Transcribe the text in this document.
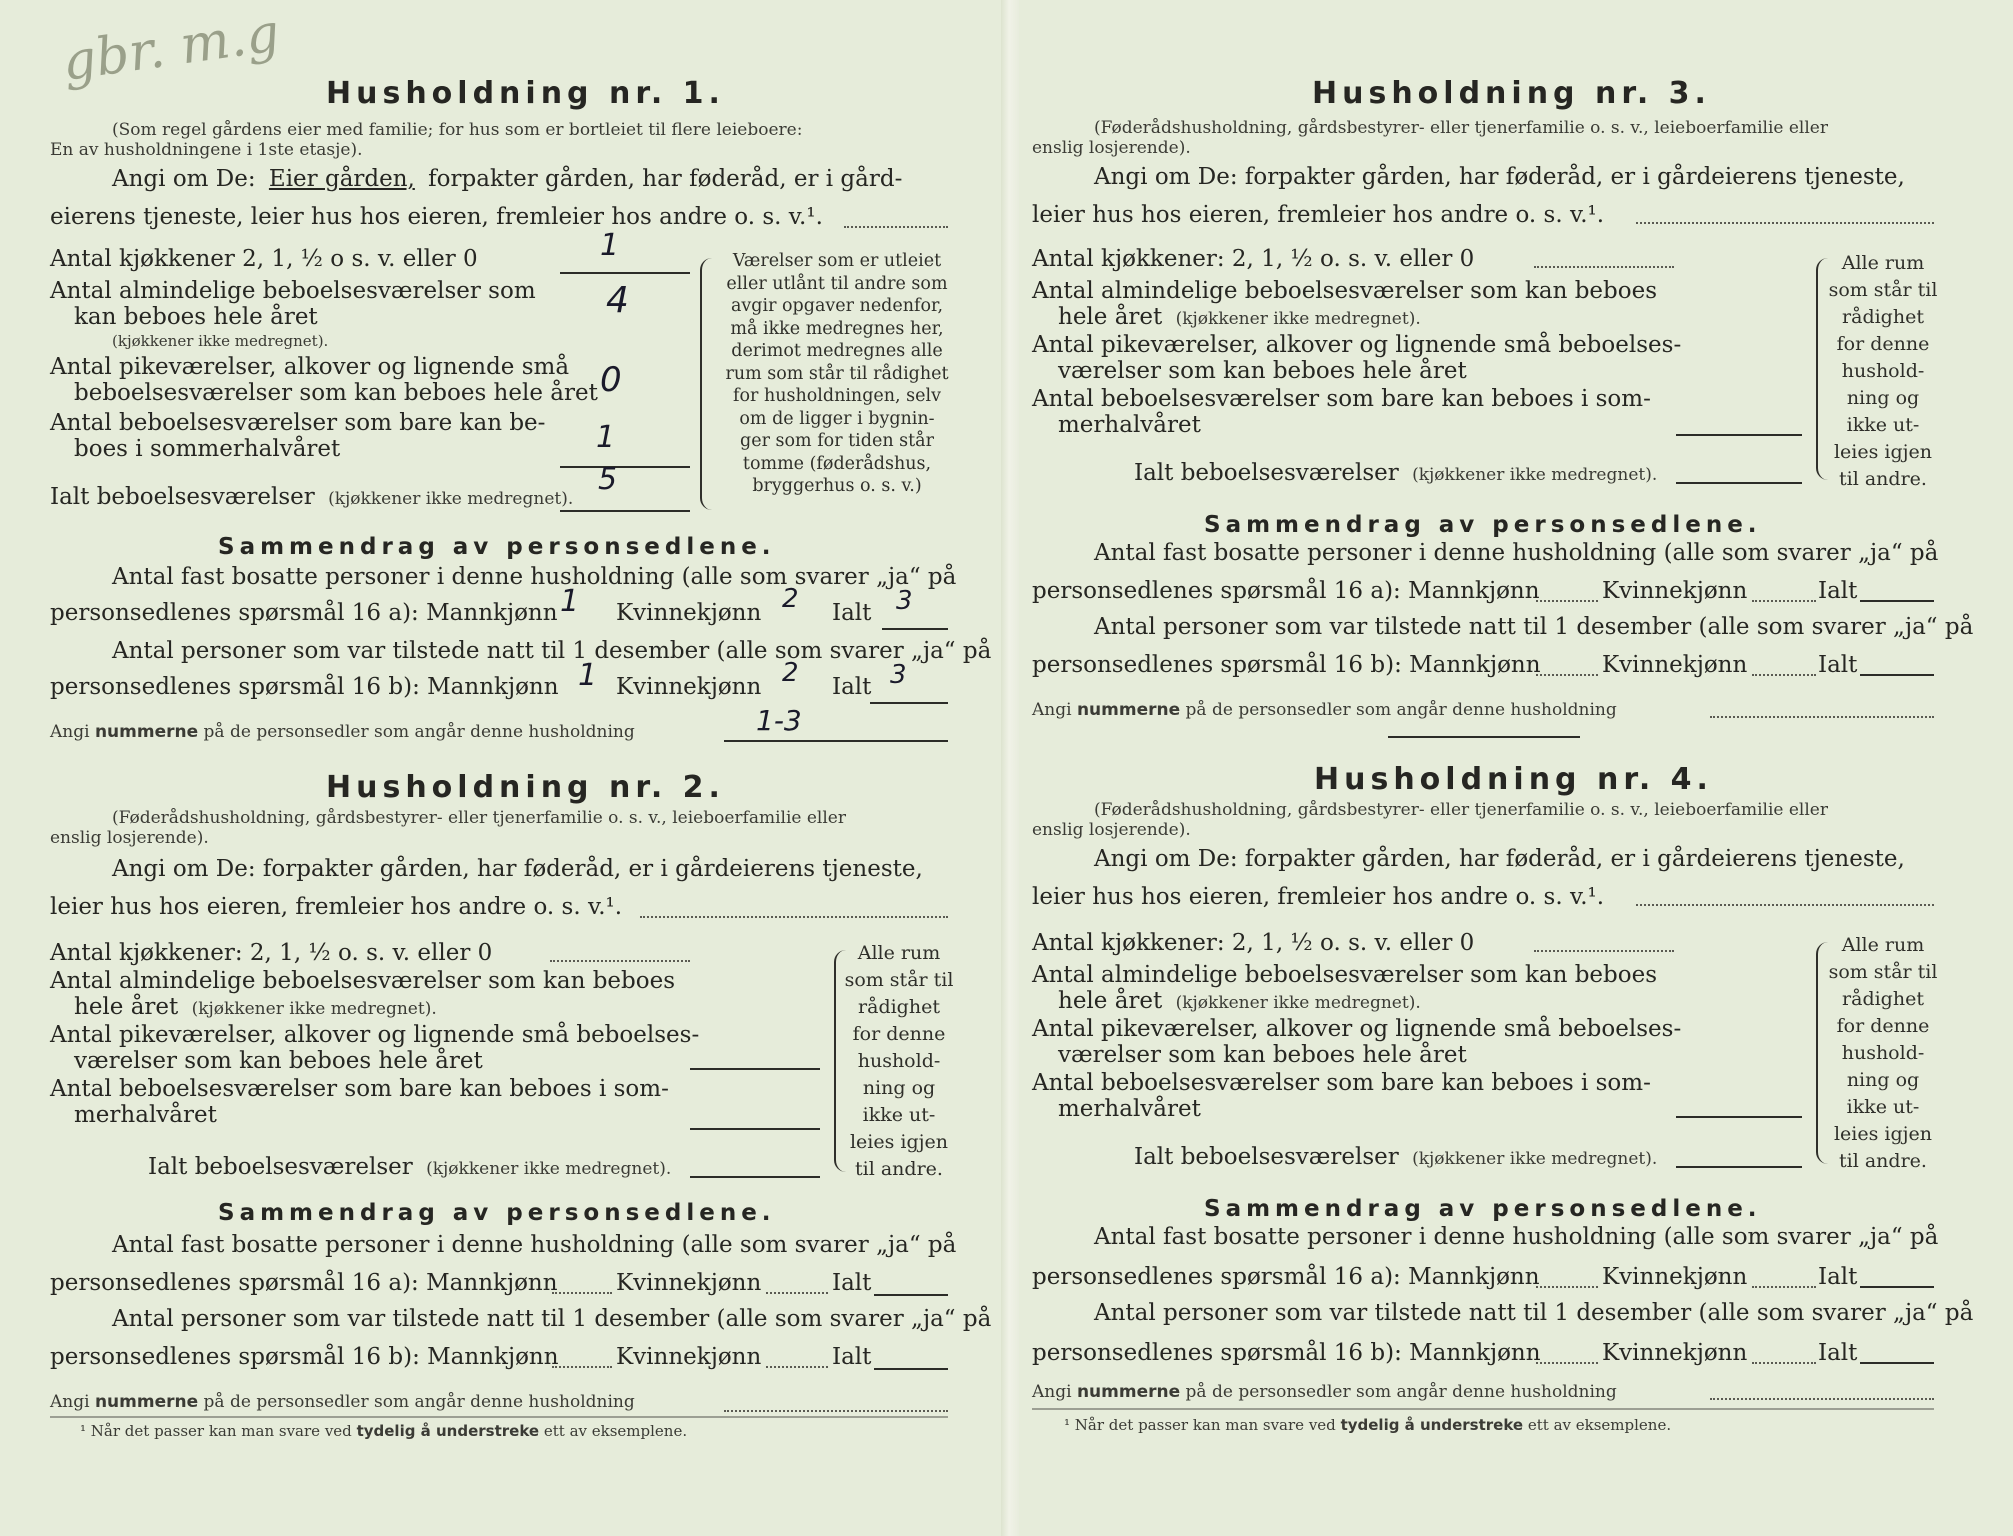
gbr. m.g
Husholdning nr. 1.
(Som regel gårdens eier med familie; for hus som er bortleiet til flere leieboere:
En av husholdningene i 1ste etasje).
Angi om De: Eier gården, forpakter gården, har føderåd, er i gård-
eierens tjeneste, leier hus hos eieren, fremleier hos andre o. s. v.¹.
Antal kjøkkener 2, 1, ½ o s. v. eller 0	1
Antal almindelige beboelsesværelser som
kan beboes hele året
(kjøkkener ikke medregnet).
4
Antal pikeværelser, alkover og lignende små
beboelsesværelser som kan beboes hele året 0
Antal beboelsesværelser som bare kan be-
boes i sommerhalvåret	1
Ialt beboelsesværelser (kjøkkener ikke medregnet).
5
Værelser som er utleiet
eller utlånt til andre som
avgir opgaver nedenfor,
må ikke medregnes her,
derimot medregnes alle
rum som står til rådighet
for husholdningen, selv
om de ligger i bygnin-
ger som for tiden står
tomme (føderådshus,
bryggerhus o. s. v.)
Sammendrag av personsedlene.
Antal fast bosatte personer i denne husholdning (alle som svarer „ja“ på
personsedlenes spørsmål 16 a): Mannkjønn 1 Kvinnekjønn 2 Ialt 3
Antal personer som var tilstede natt til 1 desember (alle som svarer „ja“ på
personsedlenes spørsmål 16 b): Mannkjønn 1 Kvinnekjønn 2 Ialt 3
Angi nummerne på de personsedler som angår denne husholdning	1-3
Husholdning nr. 2.
(Føderådshusholdning, gårdsbestyrer- eller tjenerfamilie o. s. v., leieboerfamilie eller
enslig losjerende).
Angi om De: forpakter gården, har føderåd, er i gårdeierens tjeneste,
leier hus hos eieren, fremleier hos andre o. s. v.¹.
Antal kjøkkener: 2, 1, ½ o. s. v. eller 0
Antal almindelige beboelsesværelser som kan beboes
hele året (kjøkkener ikke medregnet).
Antal pikeværelser, alkover og lignende små beboelses-
værelser som kan beboes hele året
Antal beboelsesværelser som bare kan beboes i som-
merhalvåret
Ialt beboelsesværelser (kjøkkener ikke medregnet).
Alle rum
som står til
rådighet
for denne
hushold-
ning og
ikke ut-
leies igjen
til andre.
Sammendrag av personsedlene.
Antal fast bosatte personer i denne husholdning (alle som svarer „ja“ på
personsedlenes spørsmål 16 a): Mannkjønn	Kvinnekjønn	Ialt
Antal personer som var tilstede natt til 1 desember (alle som svarer „ja“ på
personsedlenes spørsmål 16 b): Mannkjønn Kvinnekjønn	Ialt
Angi nummerne på de personsedler som angår denne husholdning
¹ Når det passer kan man svare ved tydelig å understreke ett av eksemplene.
Husholdning nr. 3.
(Føderådshusholdning, gårdsbestyrer- eller tjenerfamilie o. s. v., leieboerfamilie eller
enslig losjerende).
Angi om De: forpakter gården, har føderåd, er i gårdeierens tjeneste,
leier hus hos eieren, fremleier hos andre o. s. v.¹.
Antal kjøkkener: 2, 1, ½ o. s. v. eller 0
Antal almindelige beboelsesværelser som kan beboes
hele året (kjøkkener ikke medregnet).
Antal pikeværelser, alkover og lignende små beboelses-
værelser som kan beboes hele året
Antal beboelsesværelser som bare kan beboes i som-
merhalvåret
Ialt beboelsesværelser (kjøkkener ikke medregnet).
Alle rum
som står til
rådighet
for denne
hushold-
ning og
ikke ut-
leies igjen
til andre.
Sammendrag av personsedlene.
Antal fast bosatte personer i denne husholdning (alle som svarer „ja“ på
personsedlenes spørsmål 16 a): Mannkjønn	Kvinnekjønn	Ialt
Antal personer som var tilstede natt til 1 desember (alle som svarer „ja“ på
personsedlenes spørsmål 16 b): Mannkjønn	Kvinnekjønn	Ialt
Angi nummerne på de personsedler som angår denne husholdning
Husholdning nr. 4.
(Føderådshusholdning, gårdsbestyrer- eller tjenerfamilie o. s. v., leieboerfamilie eller
enslig losjerende).
Angi om De: forpakter gården, har føderåd, er i gårdeierens tjeneste,
leier hus hos eieren, fremleier hos andre o. s. v.¹.
Antal kjøkkener: 2, 1, ½ o. s. v. eller 0
Antal almindelige beboelsesværelser som kan beboes
hele året (kjøkkener ikke medregnet).
Antal pikeværelser, alkover og lignende små beboelses-
værelser som kan beboes hele året
Antal beboelsesværelser som bare kan beboes i som-
merhalvåret
Ialt beboelsesværelser (kjøkkener ikke medregnet).
Alle rum
som står til
rådighet
for denne
hushold-
ning og
ikke ut-
leies igjen
til andre.
Sammendrag av personsedlene.
Antal fast bosatte personer i denne husholdning (alle som svarer „ja“ på
personsedlenes spørsmål 16 a): Mannkjønn	Kvinnekjønn	Ialt
Antal personer som var tilstede natt til 1 desember (alle som svarer „ja“ på
personsedlenes spørsmål 16 b): Mannkjønn	Kvinnekjønn	Ialt
Angi nummerne på de personsedler som angår denne husholdning
¹ Når det passer kan man svare ved tydelig å understreke ett av eksemplene.
